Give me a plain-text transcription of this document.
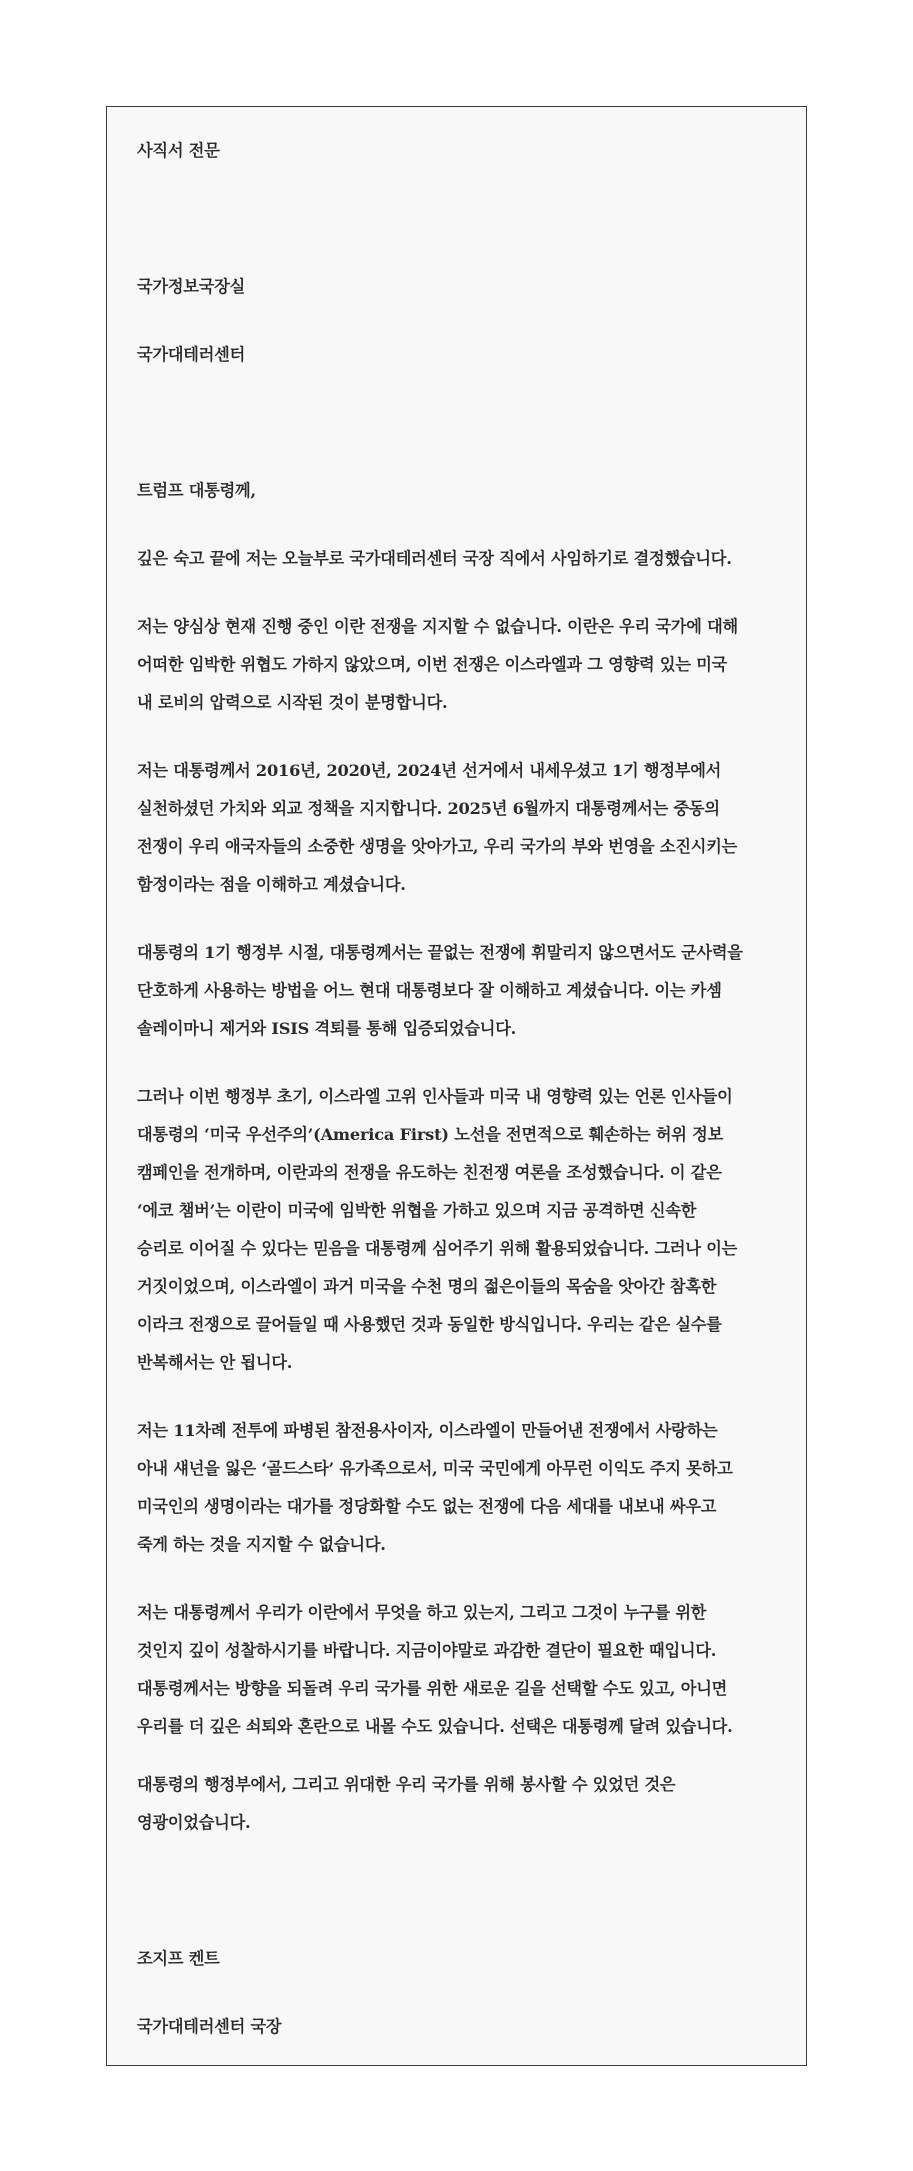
사직서 전문
국가정보국장실
국가대테러센터
트럼프 대통령께,
깊은 숙고 끝에 저는 오늘부로 국가대테러센터 국장 직에서 사임하기로 결정했습니다.
저는 양심상 현재 진행 중인 이란 전쟁을 지지할 수 없습니다. 이란은 우리 국가에 대해
어떠한 임박한 위협도 가하지 않았으며, 이번 전쟁은 이스라엘과 그 영향력 있는 미국
내 로비의 압력으로 시작된 것이 분명합니다.
저는 대통령께서 2016년, 2020년, 2024년 선거에서 내세우셨고 1기 행정부에서
실천하셨던 가치와 외교 정책을 지지합니다. 2025년 6월까지 대통령께서는 중동의
전쟁이 우리 애국자들의 소중한 생명을 앗아가고, 우리 국가의 부와 번영을 소진시키는
함정이라는 점을 이해하고 계셨습니다.
대통령의 1기 행정부 시절, 대통령께서는 끝없는 전쟁에 휘말리지 않으면서도 군사력을
단호하게 사용하는 방법을 어느 현대 대통령보다 잘 이해하고 계셨습니다. 이는 카셈
솔레이마니 제거와 ISIS 격퇴를 통해 입증되었습니다.
그러나 이번 행정부 초기, 이스라엘 고위 인사들과 미국 내 영향력 있는 언론 인사들이
대통령의 ‘미국 우선주의’(America First) 노선을 전면적으로 훼손하는 허위 정보
캠페인을 전개하며, 이란과의 전쟁을 유도하는 친전쟁 여론을 조성했습니다. 이 같은
‘에코 챔버’는 이란이 미국에 임박한 위협을 가하고 있으며 지금 공격하면 신속한
승리로 이어질 수 있다는 믿음을 대통령께 심어주기 위해 활용되었습니다. 그러나 이는
거짓이었으며, 이스라엘이 과거 미국을 수천 명의 젊은이들의 목숨을 앗아간 참혹한
이라크 전쟁으로 끌어들일 때 사용했던 것과 동일한 방식입니다. 우리는 같은 실수를
반복해서는 안 됩니다.
저는 11차례 전투에 파병된 참전용사이자, 이스라엘이 만들어낸 전쟁에서 사랑하는
아내 섀넌을 잃은 ‘골드스타’ 유가족으로서, 미국 국민에게 아무런 이익도 주지 못하고
미국인의 생명이라는 대가를 정당화할 수도 없는 전쟁에 다음 세대를 내보내 싸우고
죽게 하는 것을 지지할 수 없습니다.
저는 대통령께서 우리가 이란에서 무엇을 하고 있는지, 그리고 그것이 누구를 위한
것인지 깊이 성찰하시기를 바랍니다. 지금이야말로 과감한 결단이 필요한 때입니다.
대통령께서는 방향을 되돌려 우리 국가를 위한 새로운 길을 선택할 수도 있고, 아니면
우리를 더 깊은 쇠퇴와 혼란으로 내몰 수도 있습니다. 선택은 대통령께 달려 있습니다.
대통령의 행정부에서, 그리고 위대한 우리 국가를 위해 봉사할 수 있었던 것은
영광이었습니다.
조지프 켄트
국가대테러센터 국장
